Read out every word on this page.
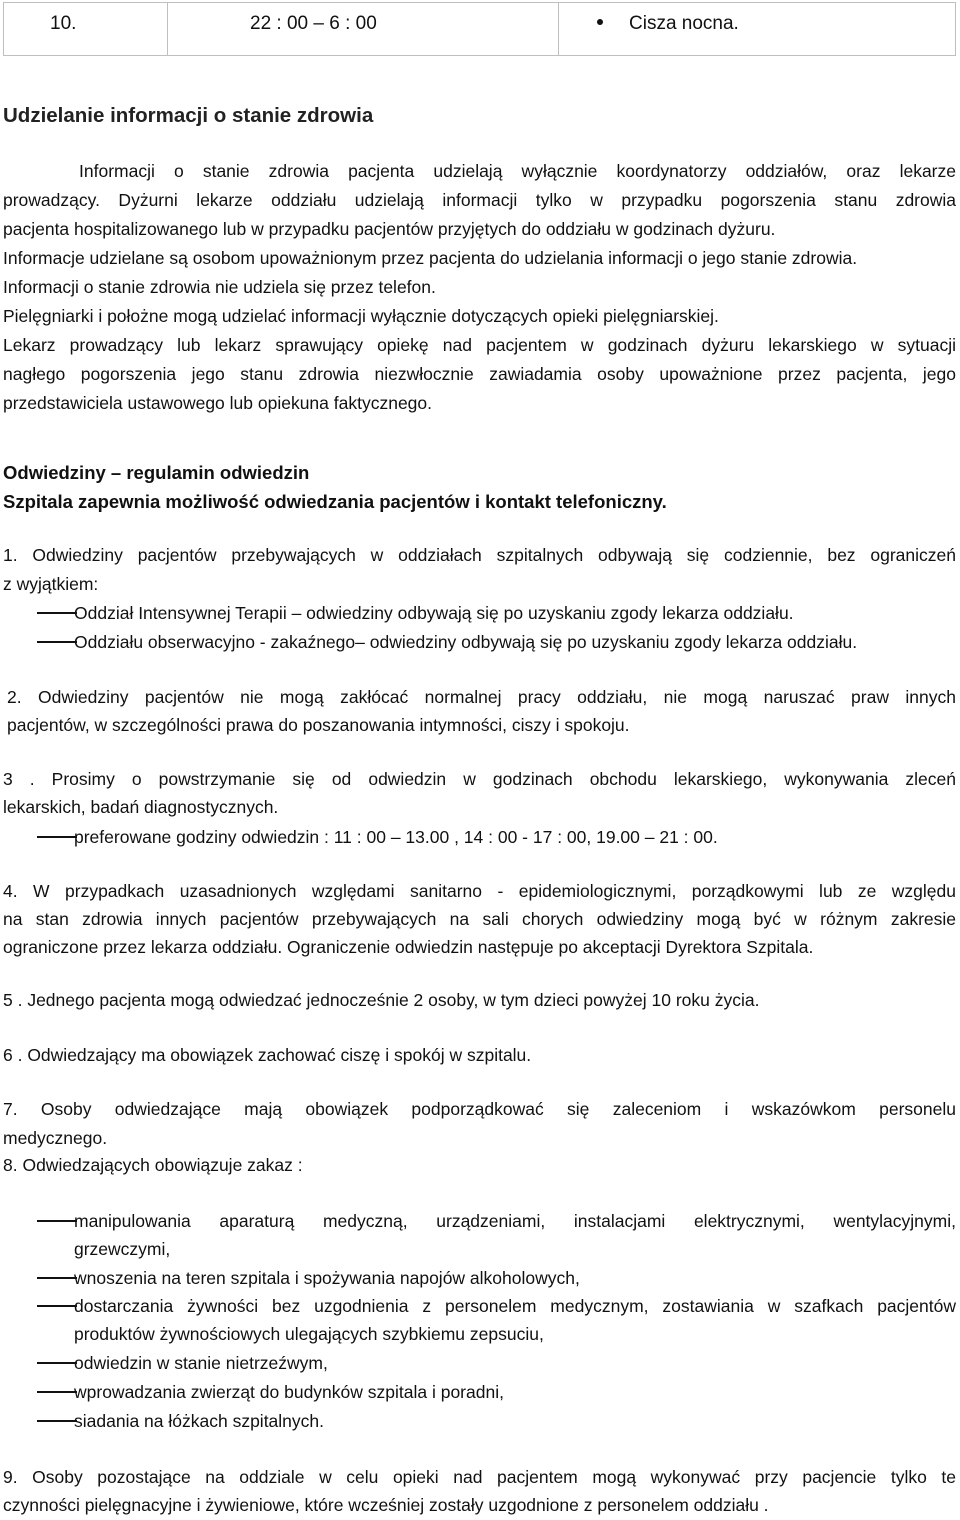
10.	22 : 00 – 6 : 00	Cisza nocna.
Udzielanie informacji o stanie zdrowia
Informacji o stanie zdrowia pacjenta udzielają wyłącznie koordynatorzy oddziałów, oraz lekarze
prowadzący. Dyżurni lekarze oddziału udzielają informacji tylko w przypadku pogorszenia stanu zdrowia
pacjenta hospitalizowanego lub w przypadku pacjentów przyjętych do oddziału w godzinach dyżuru.
Informacje udzielane są osobom upoważnionym przez pacjenta do udzielania informacji o jego stanie zdrowia.
Informacji o stanie zdrowia nie udziela się przez telefon.
Pielęgniarki i położne mogą udzielać informacji wyłącznie dotyczących opieki pielęgniarskiej.
Lekarz prowadzący lub lekarz sprawujący opiekę nad pacjentem w godzinach dyżuru lekarskiego w sytuacji
nagłego pogorszenia jego stanu zdrowia niezwłocznie zawiadamia osoby upoważnione przez pacjenta, jego
przedstawiciela ustawowego lub opiekuna faktycznego.
Odwiedziny – regulamin odwiedzin
Szpitala zapewnia możliwość odwiedzania pacjentów i kontakt telefoniczny.
1. Odwiedziny pacjentów przebywających w oddziałach szpitalnych odbywają się codziennie, bez ograniczeń
z wyjątkiem:
Oddział Intensywnej Terapii – odwiedziny odbywają się po uzyskaniu zgody lekarza oddziału.
Oddziału obserwacyjno - zakaźnego– odwiedziny odbywają się po uzyskaniu zgody lekarza oddziału.
2. Odwiedziny pacjentów nie mogą zakłócać normalnej pracy oddziału, nie mogą naruszać praw innych
pacjentów, w szczególności prawa do poszanowania intymności, ciszy i spokoju.
3 . Prosimy o powstrzymanie się od odwiedzin w godzinach obchodu lekarskiego, wykonywania zleceń
lekarskich, badań diagnostycznych.
preferowane godziny odwiedzin : 11 : 00 – 13.00 , 14 : 00 - 17 : 00, 19.00 – 21 : 00.
4. W przypadkach uzasadnionych względami sanitarno - epidemiologicznymi, porządkowymi lub ze względu
na stan zdrowia innych pacjentów przebywających na sali chorych odwiedziny mogą być w różnym zakresie
ograniczone przez lekarza oddziału. Ograniczenie odwiedzin następuje po akceptacji Dyrektora Szpitala.
5 . Jednego pacjenta mogą odwiedzać jednocześnie 2 osoby, w tym dzieci powyżej 10 roku życia.
6 . Odwiedzający ma obowiązek zachować ciszę i spokój w szpitalu.
7. Osoby odwiedzające mają obowiązek podporządkować się zaleceniom i wskazówkom personelu
medycznego.
8. Odwiedzających obowiązuje zakaz :
manipulowania aparaturą medyczną, urządzeniami, instalacjami elektrycznymi, wentylacyjnymi,
grzewczymi,
wnoszenia na teren szpitala i spożywania napojów alkoholowych,
dostarczania żywności bez uzgodnienia z personelem medycznym, zostawiania w szafkach pacjentów
produktów żywnościowych ulegających szybkiemu zepsuciu,
odwiedzin w stanie nietrzeźwym,
wprowadzania zwierząt do budynków szpitala i poradni,
siadania na łóżkach szpitalnych.
9. Osoby pozostające na oddziale w celu opieki nad pacjentem mogą wykonywać przy pacjencie tylko te
czynności pielęgnacyjne i żywieniowe, które wcześniej zostały uzgodnione z personelem oddziału .
